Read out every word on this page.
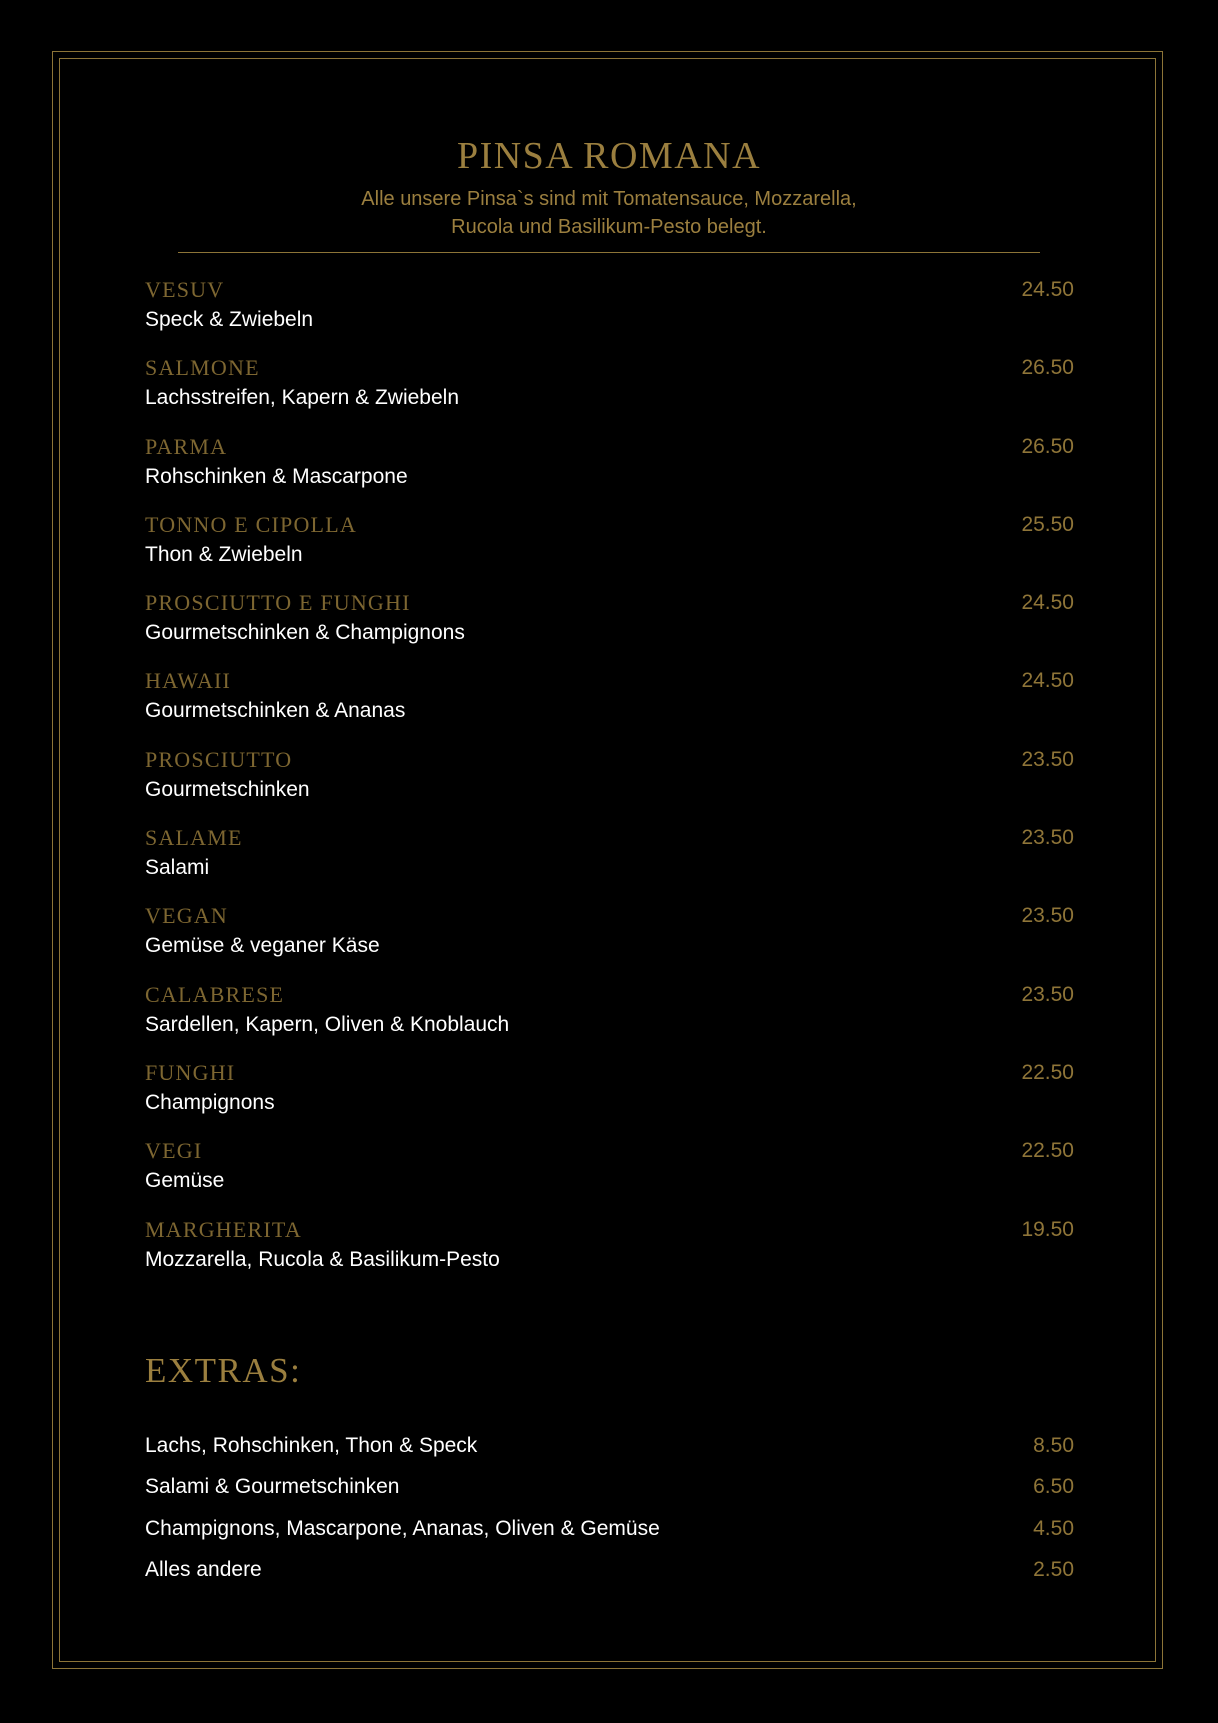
PINSA ROMANA
Alle unsere Pinsa`s sind mit Tomatensauce, Mozzarella,
Rucola und Basilikum-Pesto belegt.
VESUV
Speck & Zwiebeln
24.50
SALMONE
Lachsstreifen, Kapern & Zwiebeln
26.50
PARMA
Rohschinken & Mascarpone
26.50
TONNO E CIPOLLA
Thon & Zwiebeln
25.50
PROSCIUTTO E FUNGHI
Gourmetschinken & Champignons
24.50
HAWAII
Gourmetschinken & Ananas
24.50
PROSCIUTTO
Gourmetschinken
23.50
SALAME
Salami
23.50
VEGAN
Gemüse & veganer Käse
23.50
CALABRESE
Sardellen, Kapern, Oliven & Knoblauch
23.50
FUNGHI
Champignons
22.50
VEGI
Gemüse
22.50
MARGHERITA
Mozzarella, Rucola & Basilikum-Pesto
19.50
EXTRAS:
Lachs, Rohschinken, Thon & Speck	8.50
Salami & Gourmetschinken	6.50
Champignons, Mascarpone, Ananas, Oliven & Gemüse	4.50
Alles andere	2.50
